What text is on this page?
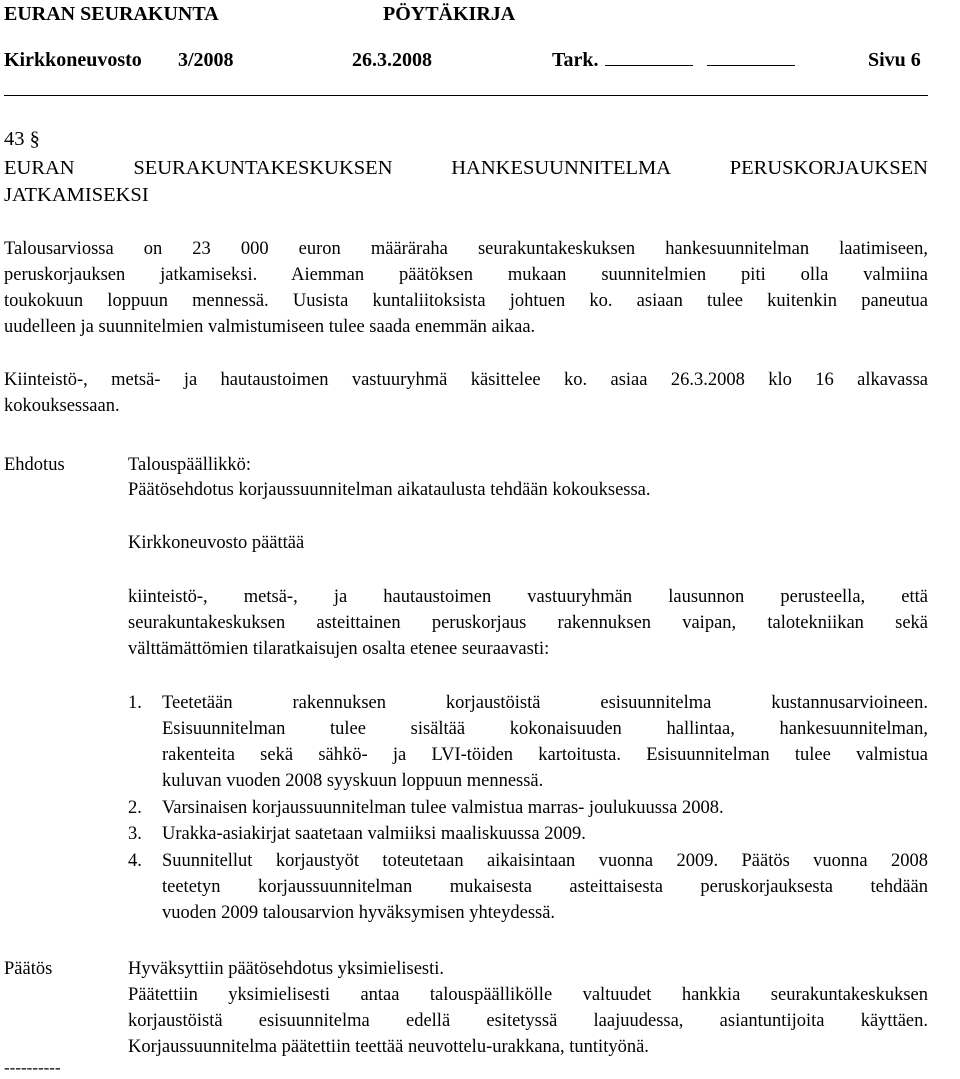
EURAN SEURAKUNTA	PÖYTÄKIRJA
Kirkkoneuvosto 3/2008	26.3.2008	Tark.	Sivu 6
43 §
EURAN	SEURAKUNTAKESKUKSEN	HANKESUUNNITELMA	PERUSKORJAUKSEN
JATKAMISEKSI
Talousarviossa on 23 000 euron määräraha seurakuntakeskuksen hankesuunnitelman laatimiseen,
peruskorjauksen jatkamiseksi. Aiemman päätöksen mukaan suunnitelmien piti olla valmiina
toukokuun loppuun mennessä. Uusista kuntaliitoksista johtuen ko. asiaan tulee kuitenkin paneutua
uudelleen ja suunnitelmien valmistumiseen tulee saada enemmän aikaa.
Kiinteistö-, metsä- ja hautaustoimen vastuuryhmä käsittelee ko. asiaa 26.3.2008 klo 16 alkavassa
kokouksessaan.
Ehdotus	Talouspäällikkö:
Päätösehdotus korjaussuunnitelman aikataulusta tehdään kokouksessa.
Kirkkoneuvosto päättää
kiinteistö-, metsä-, ja hautaustoimen vastuuryhmän lausunnon perusteella, että
seurakuntakeskuksen asteittainen peruskorjaus rakennuksen vaipan, talotekniikan sekä
välttämättömien tilaratkaisujen osalta etenee seuraavasti:
1. Teetetään rakennuksen korjaustöistä esisuunnitelma kustannusarvioineen.
Esisuunnitelman tulee sisältää kokonaisuuden hallintaa, hankesuunnitelman,
rakenteita sekä sähkö- ja LVI-töiden kartoitusta. Esisuunnitelman tulee valmistua
kuluvan vuoden 2008 syyskuun loppuun mennessä.
2. Varsinaisen korjaussuunnitelman tulee valmistua marras- joulukuussa 2008.
3. Urakka-asiakirjat saatetaan valmiiksi maaliskuussa 2009.
4. Suunnitellut korjaustyöt toteutetaan aikaisintaan vuonna 2009. Päätös vuonna 2008
teetetyn korjaussuunnitelman mukaisesta asteittaisesta peruskorjauksesta tehdään
vuoden 2009 talousarvion hyväksymisen yhteydessä.
Päätös	Hyväksyttiin päätösehdotus yksimielisesti.
Päätettiin yksimielisesti antaa talouspäällikölle valtuudet hankkia seurakuntakeskuksen
korjaustöistä esisuunnitelma edellä esitetyssä laajuudessa, asiantuntijoita käyttäen.
Korjaussuunnitelma päätettiin teettää neuvottelu-urakkana, tuntityönä.
----------
